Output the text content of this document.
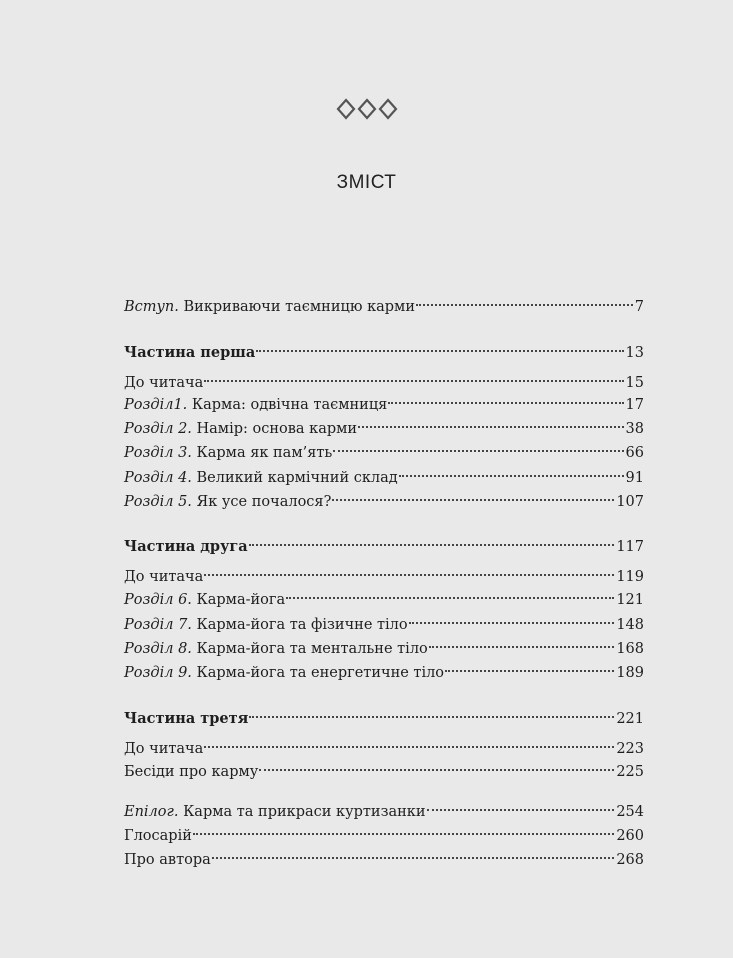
ЗМІСТ
Вступ. Викриваючи таємницю карми	7
Частина перша	13
До читача	15
Розділ1. Карма: одвічна таємниця	17
Розділ 2. Намір: основа карми	38
Розділ 3. Карма як пам’ять	66
Розділ 4. Великий кармічний склад	91
Розділ 5. Як усе почалося?	107
Частина друга	117
До читача	119
Розділ 6. Карма-йога	121
Розділ 7. Карма-йога та фізичне тіло	148
Розділ 8. Карма-йога та ментальне тіло	168
Розділ 9. Карма-йога та енергетичне тіло	189
Частина третя	221
До читача	223
Бесіди про карму	225
Епілог. Карма та прикраси куртизанки	254
Глосарій	260
Про автора	268
